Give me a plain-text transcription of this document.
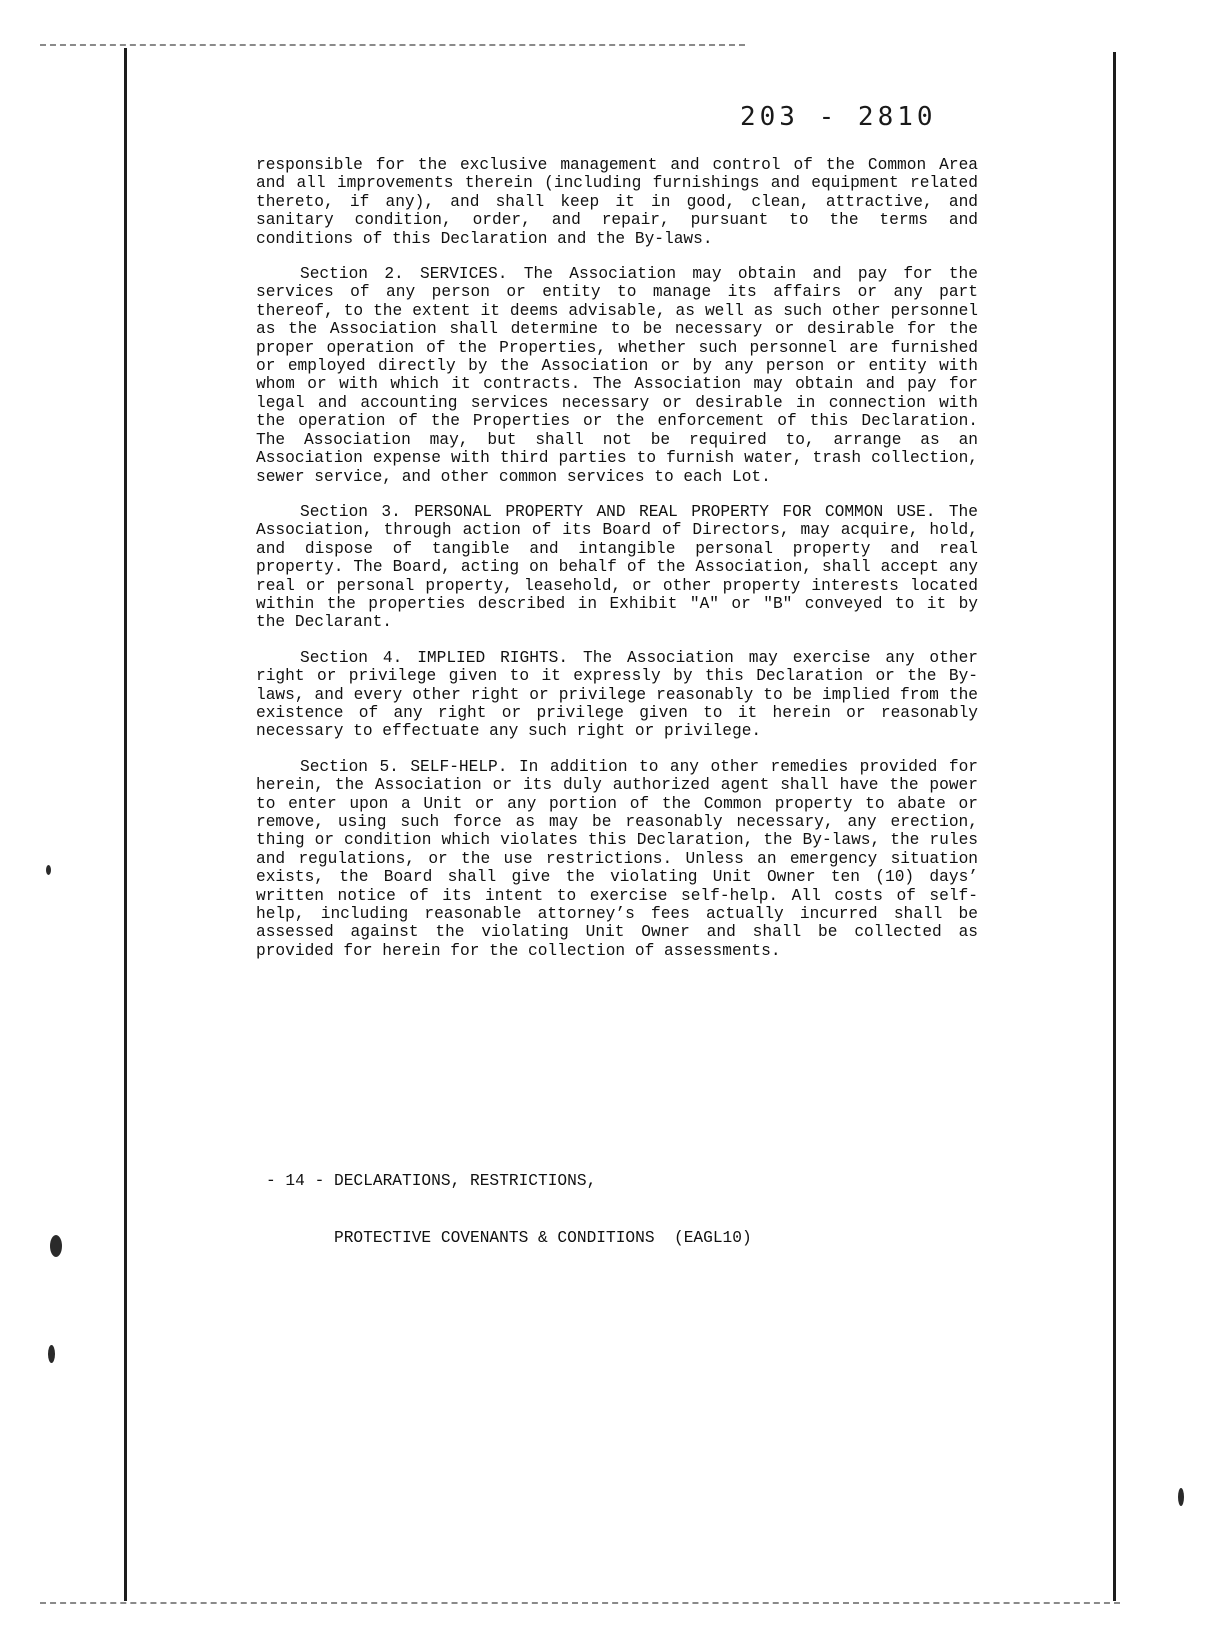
203 - 2810

responsible for the exclusive management and control of the Common Area and all improvements therein (including furnishings and equipment related thereto, if any), and shall keep it in good, clean, attractive, and sanitary condition, order, and repair, pursuant to the terms and conditions of this Declaration and the By-laws.

Section 2. SERVICES. The Association may obtain and pay for the services of any person or entity to manage its affairs or any part thereof, to the extent it deems advisable, as well as such other personnel as the Association shall determine to be necessary or desirable for the proper operation of the Properties, whether such personnel are furnished or employed directly by the Association or by any person or entity with whom or with which it contracts. The Association may obtain and pay for legal and accounting services necessary or desirable in connection with the operation of the Properties or the enforcement of this Declaration. The Association may, but shall not be required to, arrange as an Association expense with third parties to furnish water, trash collection, sewer service, and other common services to each Lot.

Section 3. PERSONAL PROPERTY AND REAL PROPERTY FOR COMMON USE. The Association, through action of its Board of Directors, may acquire, hold, and dispose of tangible and intangible personal property and real property. The Board, acting on behalf of the Association, shall accept any real or personal property, leasehold, or other property interests located within the properties described in Exhibit "A" or "B" conveyed to it by the Declarant.

Section 4. IMPLIED RIGHTS. The Association may exercise any other right or privilege given to it expressly by this Declaration or the By-laws, and every other right or privilege reasonably to be implied from the existence of any right or privilege given to it herein or reasonably necessary to effectuate any such right or privilege.

Section 5. SELF-HELP. In addition to any other remedies provided for herein, the Association or its duly authorized agent shall have the power to enter upon a Unit or any portion of the Common property to abate or remove, using such force as may be reasonably necessary, any erection, thing or condition which violates this Declaration, the By-laws, the rules and regulations, or the use restrictions. Unless an emergency situation exists, the Board shall give the violating Unit Owner ten (10) days’ written notice of its intent to exercise self-help. All costs of self-help, including reasonable attorney’s fees actually incurred shall be assessed against the violating Unit Owner and shall be collected as provided for herein for the collection of assessments.

- 14 - DECLARATIONS, RESTRICTIONS,

PROTECTIVE COVENANTS & CONDITIONS  (EAGL10)
